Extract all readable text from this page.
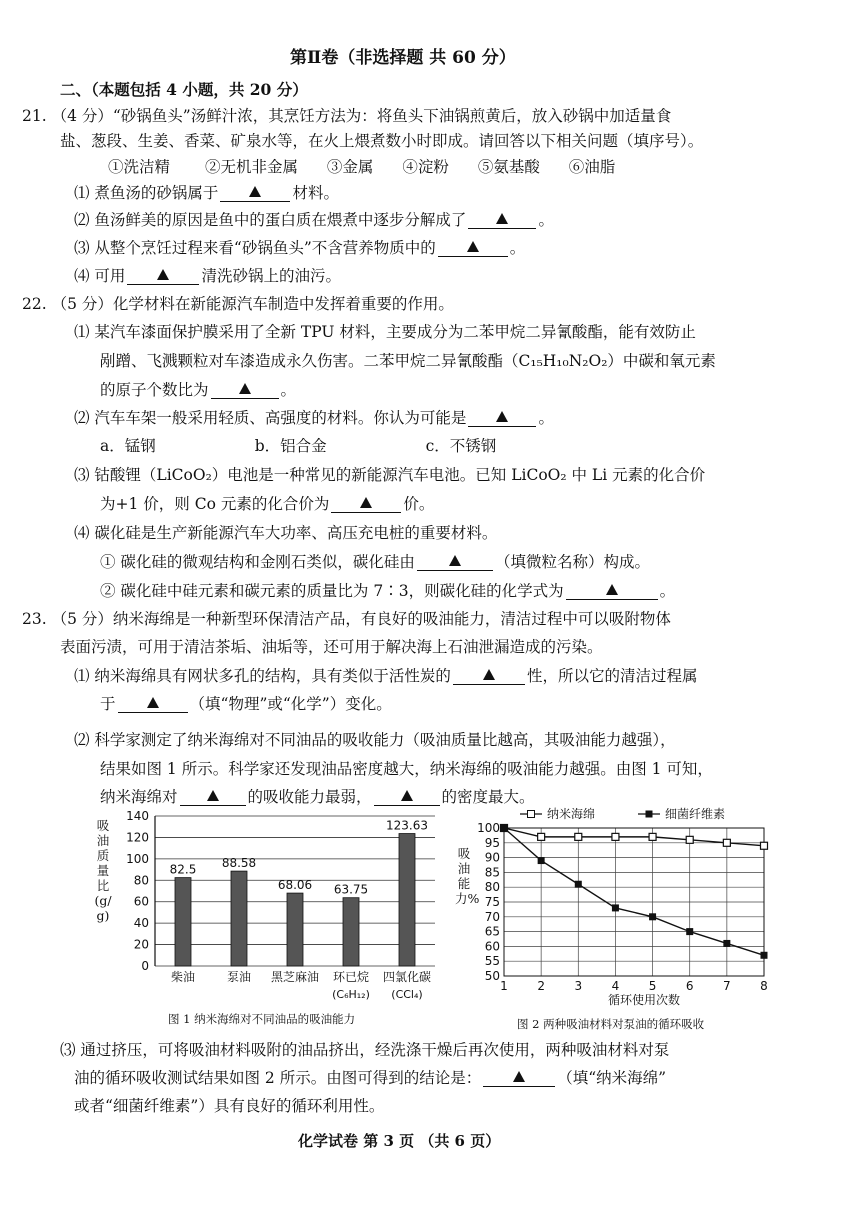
第Ⅱ卷（非选择题 共 60 分）
二、（本题包括 4 小题，共 20 分）
21. （4 分）“砂锅鱼头”汤鲜汁浓，其烹饪方法为：将鱼头下油锅煎黄后，放入砂锅中加适量食
盐、葱段、生姜、香菜、矿泉水等，在火上煨煮数小时即成。请回答以下相关问题（填序号）。
①洗洁精 ②无机非金属 ③金属 ④淀粉 ⑤氨基酸 ⑥油脂
⑴ 煮鱼汤的砂锅属于	材料。
⑵ 鱼汤鲜美的原因是鱼中的蛋白质在煨煮中逐步分解成了	。
⑶ 从整个烹饪过程来看“砂锅鱼头”不含营养物质中的	。
⑷ 可用	清洗砂锅上的油污。
22. （5 分）化学材料在新能源汽车制造中发挥着重要的作用。
⑴ 某汽车漆面保护膜采用了全新 TPU 材料，主要成分为二苯甲烷二异氰酸酯，能有效防止
剐蹭、飞溅颗粒对车漆造成永久伤害。二苯甲烷二异氰酸酯（C₁₅H₁₀N₂O₂）中碳和氧元素
的原子个数比为	。
⑵ 汽车车架一般采用轻质、高强度的材料。你认为可能是	。
a．锰钢	b．铝合金	c．不锈钢
⑶ 钴酸锂（LiCoO₂）电池是一种常见的新能源汽车电池。已知 LiCoO₂ 中 Li 元素的化合价
为+1 价，则 Co 元素的化合价为	价。
⑷ 碳化硅是生产新能源汽车大功率、高压充电桩的重要材料。
① 碳化硅的微观结构和金刚石类似，碳化硅由	（填微粒名称）构成。
② 碳化硅中硅元素和碳元素的质量比为 7∶3，则碳化硅的化学式为	。
23. （5 分）纳米海绵是一种新型环保清洁产品，有良好的吸油能力，清洁过程中可以吸附物体
表面污渍，可用于清洁茶垢、油垢等，还可用于解决海上石油泄漏造成的污染。
⑴ 纳米海绵具有网状多孔的结构，具有类似于活性炭的	性，所以它的清洁过程属
于	（填“物理”或“化学”）变化。
⑵ 科学家测定了纳米海绵对不同油品的吸收能力（吸油质量比越高，其吸油能力越强），
结果如图 1 所示。科学家还发现油品密度越大，纳米海绵的吸油能力越强。由图 1 可知，
纳米海绵对	的吸收能力最弱，	的密度最大。
吸油质量比(g/g)
0
20
40
60
80
100
120
140
82.5
柴油
88.58
泵油
68.06
黑芝麻油
63.75
环已烷
(C₆H₁₂)
123.63
四氯化碳
(CCl₄)
图 1 纳米海绵对不同油品的吸油能力
吸油能力%
50
55
60
65
70
75
80
85
90
95
100
1 2 3 4 5 6 7 8
循环使用次数
纳米海绵	细菌纤维素
图 2 两种吸油材料对泵油的循环吸收
⑶ 通过挤压，可将吸油材料吸附的油品挤出，经洗涤干燥后再次使用，两种吸油材料对泵
油的循环吸收测试结果如图 2 所示。由图可得到的结论是：	（填“纳米海绵”
或者“细菌纤维素”）具有良好的循环利用性。
化学试卷 第 3 页 （共 6 页）
